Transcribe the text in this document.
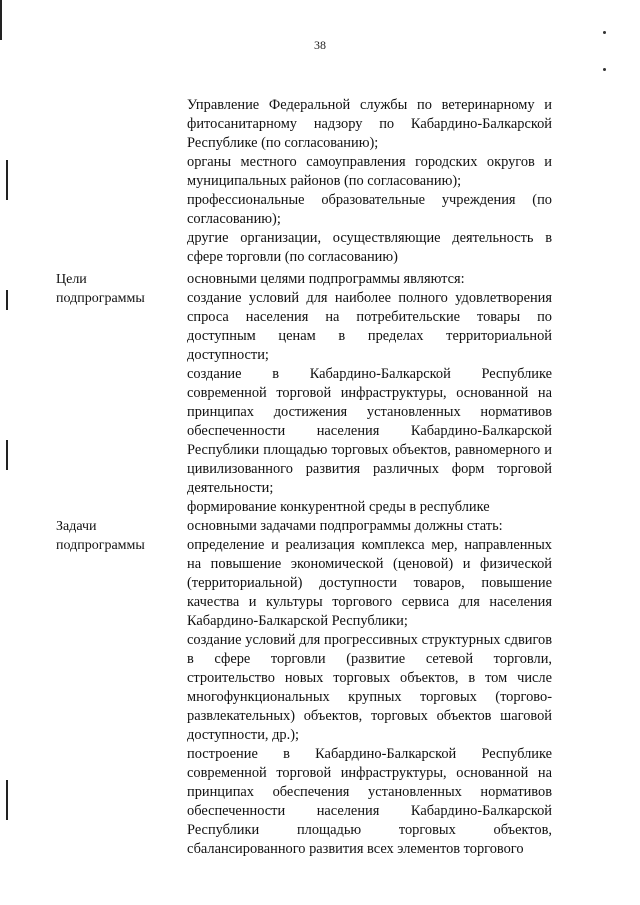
38

Управление Федеральной службы по ветеринарному и фитосанитарному надзору по Кабардино-Балкарской Республике (по согласованию);

органы местного самоуправления городских округов и муниципальных районов (по согласованию);

профессиональные образовательные учреждения (по согласованию);

другие организации, осуществляющие деятельность в сфере торговли (по согласованию)

Цели подпрограммы

основными целями подпрограммы являются:

создание условий для наиболее полного удовлетворения спроса населения на потребительские товары по доступным ценам в пределах территориальной доступности;

создание в Кабардино-Балкарской Республике современной торговой инфраструктуры, основанной на принципах достижения установленных нормативов обеспеченности населения Кабардино-Балкарской Республики площадью торговых объектов, равномерного и цивилизованного развития различных форм торговой деятельности;

формирование конкурентной среды в республике

Задачи подпрограммы

основными задачами подпрограммы должны стать:

определение и реализация комплекса мер, направленных на повышение экономической (ценовой) и физической (территориальной) доступности товаров, повышение качества и культуры торгового сервиса для населения Кабардино-Балкарской Республики;

создание условий для прогрессивных структурных сдвигов в сфере торговли (развитие сетевой торговли, строительство новых торговых объектов, в том числе многофункциональных крупных торговых (торгово-развлекательных) объектов, торговых объектов шаговой доступности, др.);

построение в Кабардино-Балкарской Республике современной торговой инфраструктуры, основанной на принципах обеспечения установленных нормативов обеспеченности населения Кабардино-Балкарской Республики площадью торговых объектов, сбалансированного развития всех элементов торгового
